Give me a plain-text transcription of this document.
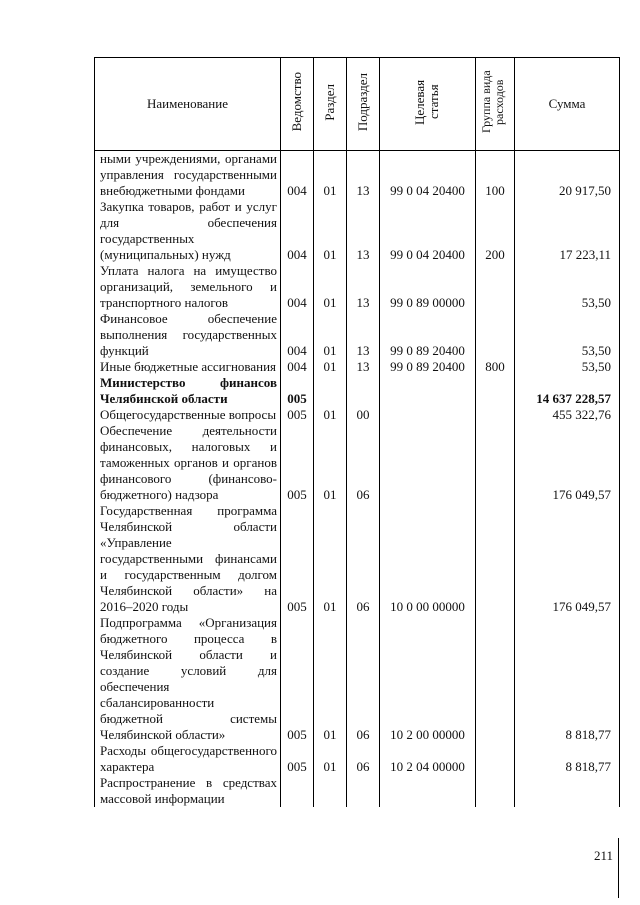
Наименование	Ведомство	Раздел	Подраздел	Целевая статья	Группа вида расходов	Сумма
ными учреждениями, органами управления государственными внебюджетными фондами	004	01	13	99 0 04 20400	100	20 917,50
Закупка товаров, работ и услуг для обеспечения государственных (муниципальных) нужд	004	01	13	99 0 04 20400	200	17 223,11
Уплата налога на имущество организаций, земельного и транспортного налогов	004	01	13	99 0 89 00000		53,50
Финансовое обеспечение выполнения государственных функций	004	01	13	99 0 89 20400		53,50
Иные бюджетные ассигнования	004	01	13	99 0 89 20400	800	53,50
Министерство финансов Челябинской области	005					14 637 228,57
Общегосударственные вопросы	005	01	00			455 322,76
Обеспечение деятельности финансовых, налоговых и таможенных органов и органов финансового (финансово-бюджетного) надзора	005	01	06			176 049,57
Государственная программа Челябинской области «Управление государственными финансами и государственным долгом Челябинской области» на 2016–2020 годы	005	01	06	10 0 00 00000		176 049,57
Подпрограмма «Организация бюджетного процесса в Челябинской области и создание условий для обеспечения сбалансированности бюджетной системы Челябинской области»	005	01	06	10 2 00 00000		8 818,77
Расходы общегосударственного характера	005	01	06	10 2 04 00000		8 818,77
Распространение в средствах массовой информации						
211
